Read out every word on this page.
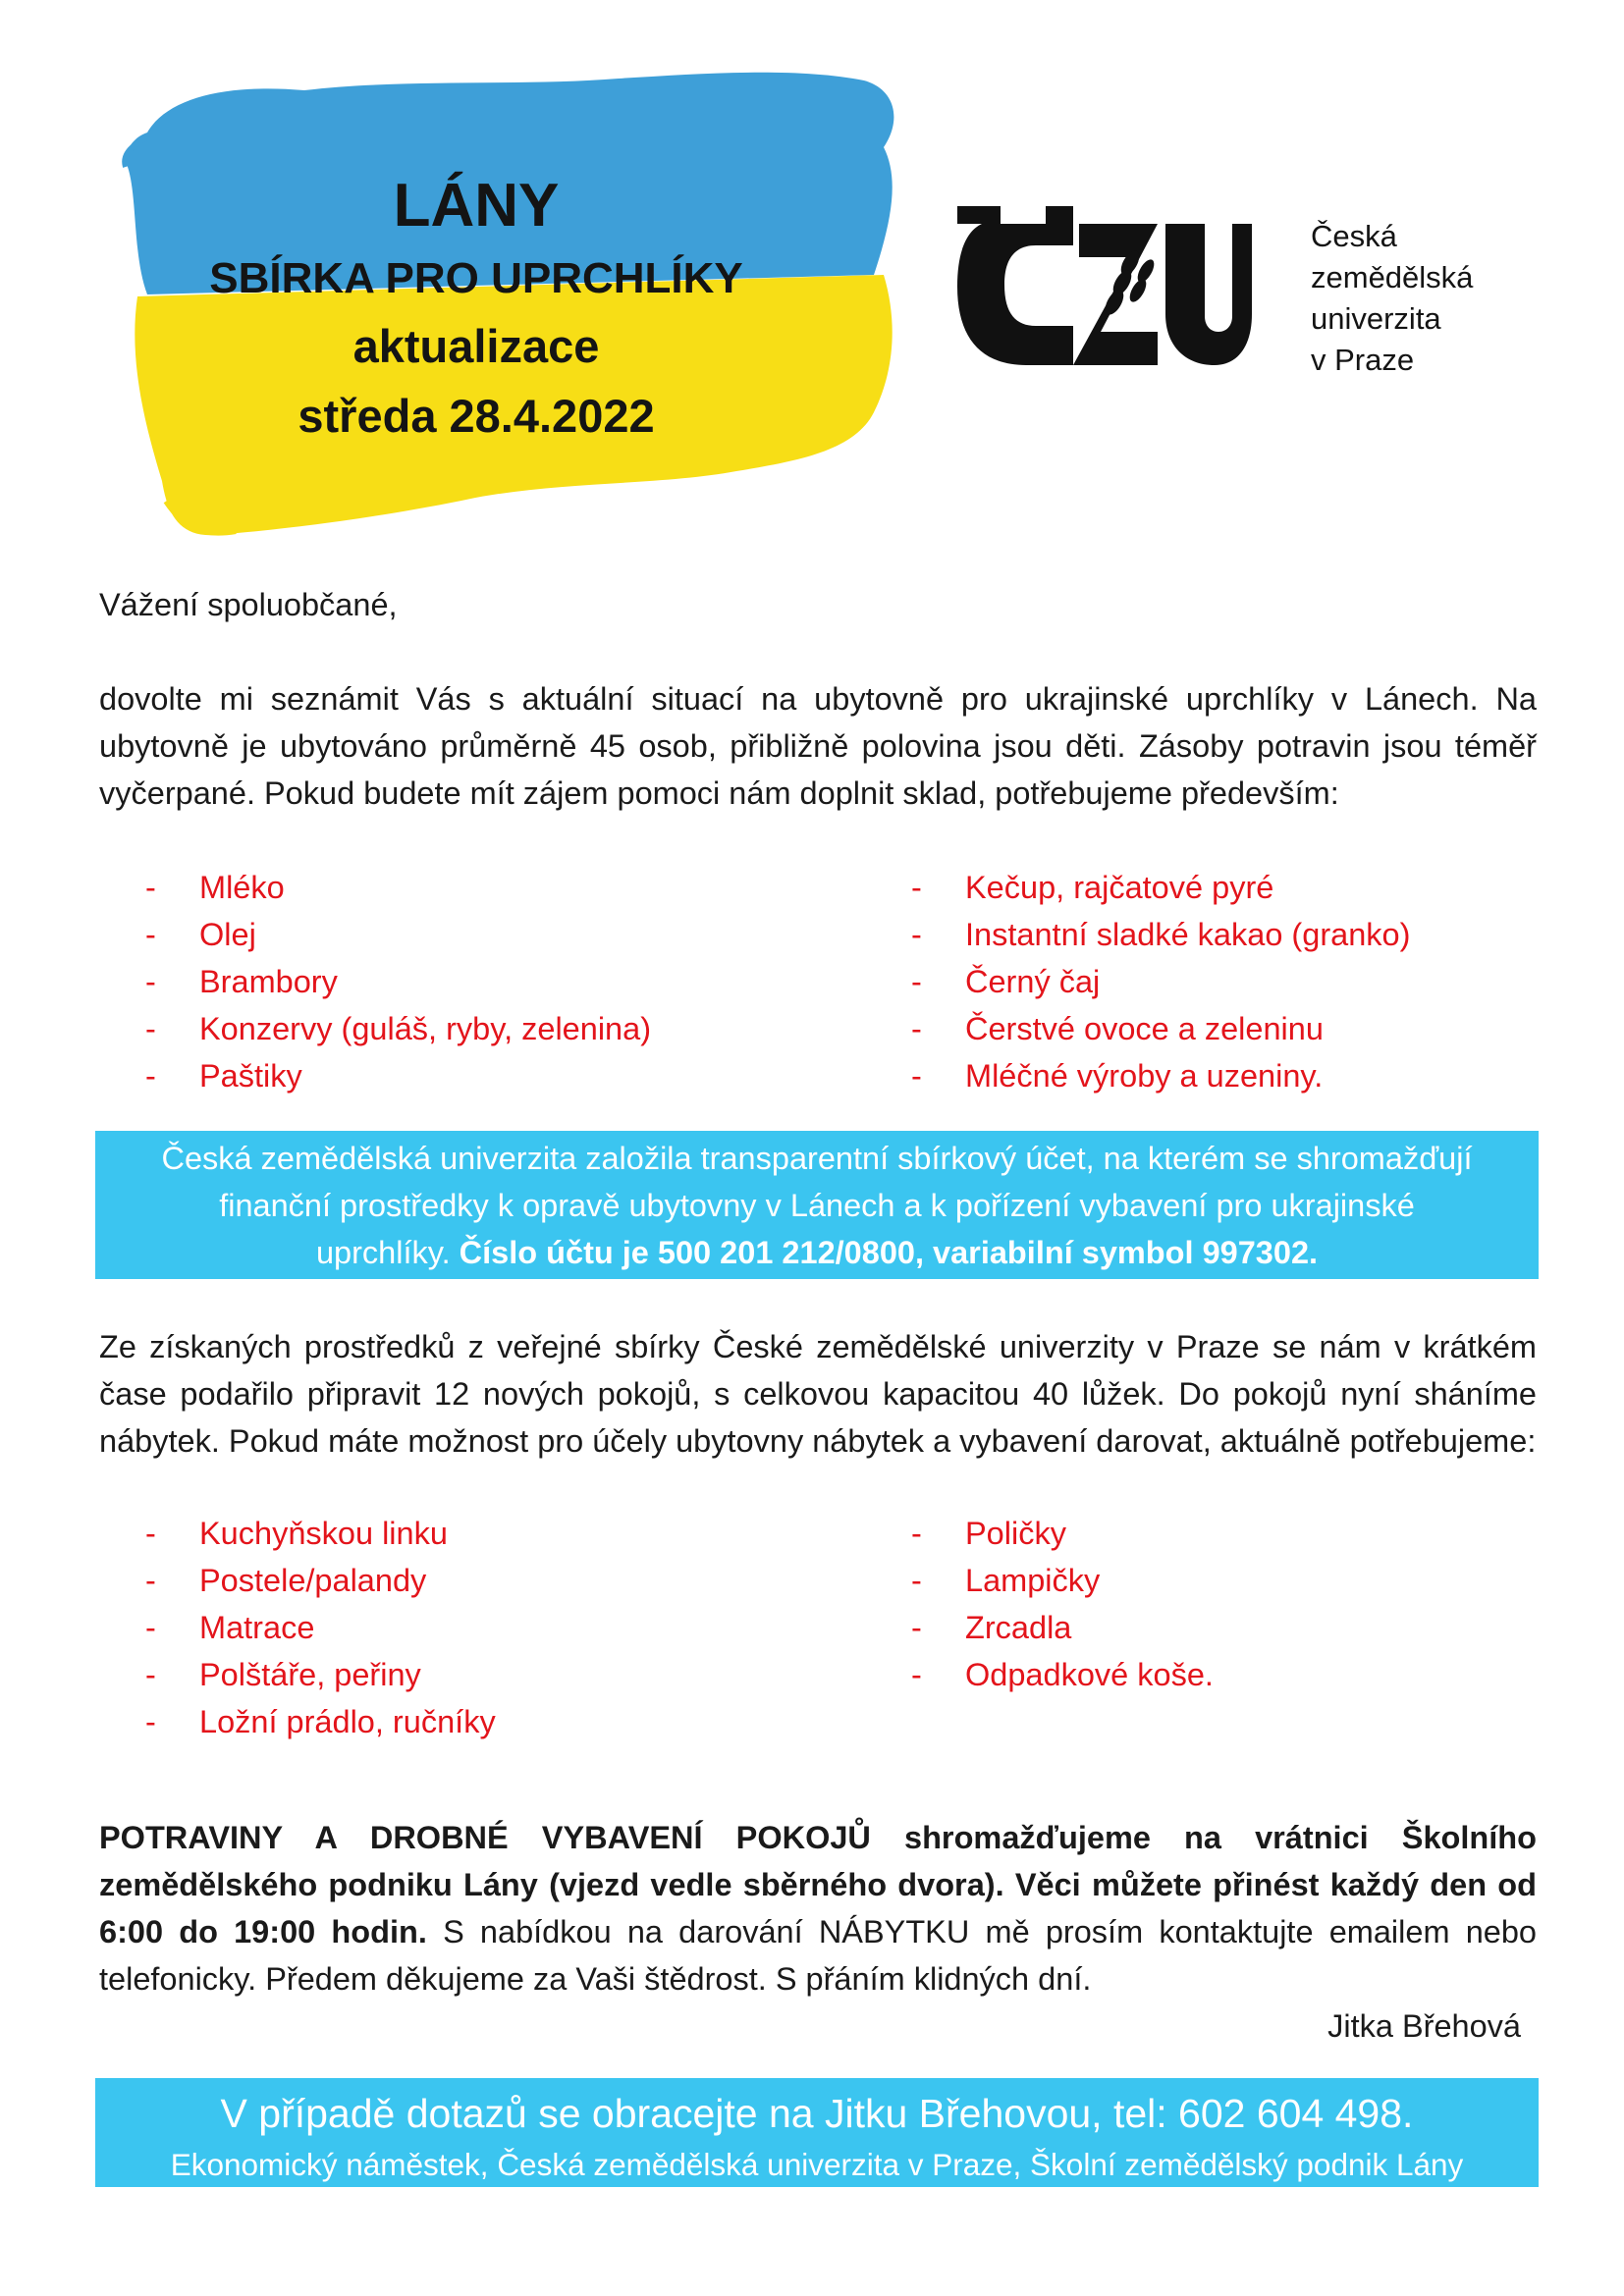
LÁNY
SBÍRKA PRO UPRCHLÍKY
aktualizace
středa 28.4.2022
Česká
zemědělská
univerzita
v Praze
Vážení spoluobčané,
dovolte mi seznámit Vás s aktuální situací na ubytovně pro ukrajinské uprchlíky v Lánech. Na ubytovně je ubytováno průměrně 45 osob, přibližně polovina jsou děti. Zásoby potravin jsou téměř vyčerpané. Pokud budete mít zájem pomoci nám doplnit sklad, potřebujeme především:
- Mléko
- Olej
- Brambory
- Konzervy (guláš, ryby, zelenina)
- Paštiky
- Kečup, rajčatové pyré
- Instantní sladké kakao (granko)
- Černý čaj
- Čerstvé ovoce a zeleninu
- Mléčné výroby a uzeniny.
Česká zemědělská univerzita založila transparentní sbírkový účet, na kterém se shromažďují
finanční prostředky k opravě ubytovny v Lánech a k pořízení vybavení pro ukrajinské
uprchlíky. Číslo účtu je 500 201 212/0800, variabilní symbol 997302.
Ze získaných prostředků z veřejné sbírky České zemědělské univerzity v Praze se nám v krátkém čase podařilo připravit 12 nových pokojů, s celkovou kapacitou 40 lůžek. Do pokojů nyní sháníme nábytek. Pokud máte možnost pro účely ubytovny nábytek a vybavení darovat, aktuálně potřebujeme:
- Kuchyňskou linku
- Postele/palandy
- Matrace
- Polštáře, peřiny
- Ložní prádlo, ručníky
- Poličky
- Lampičky
- Zrcadla
- Odpadkové koše.
POTRAVINY A DROBNÉ VYBAVENÍ POKOJŮ shromažďujeme na vrátnici Školního zemědělského podniku Lány (vjezd vedle sběrného dvora). Věci můžete přinést každý den od 6:00 do 19:00 hodin. S nabídkou na darování NÁBYTKU mě prosím kontaktujte emailem nebo telefonicky. Předem děkujeme za Vaši štědrost. S přáním klidných dní.
Jitka Břehová
V případě dotazů se obracejte na Jitku Břehovou, tel: 602 604 498.
Ekonomický náměstek, Česká zemědělská univerzita v Praze, Školní zemědělský podnik Lány
